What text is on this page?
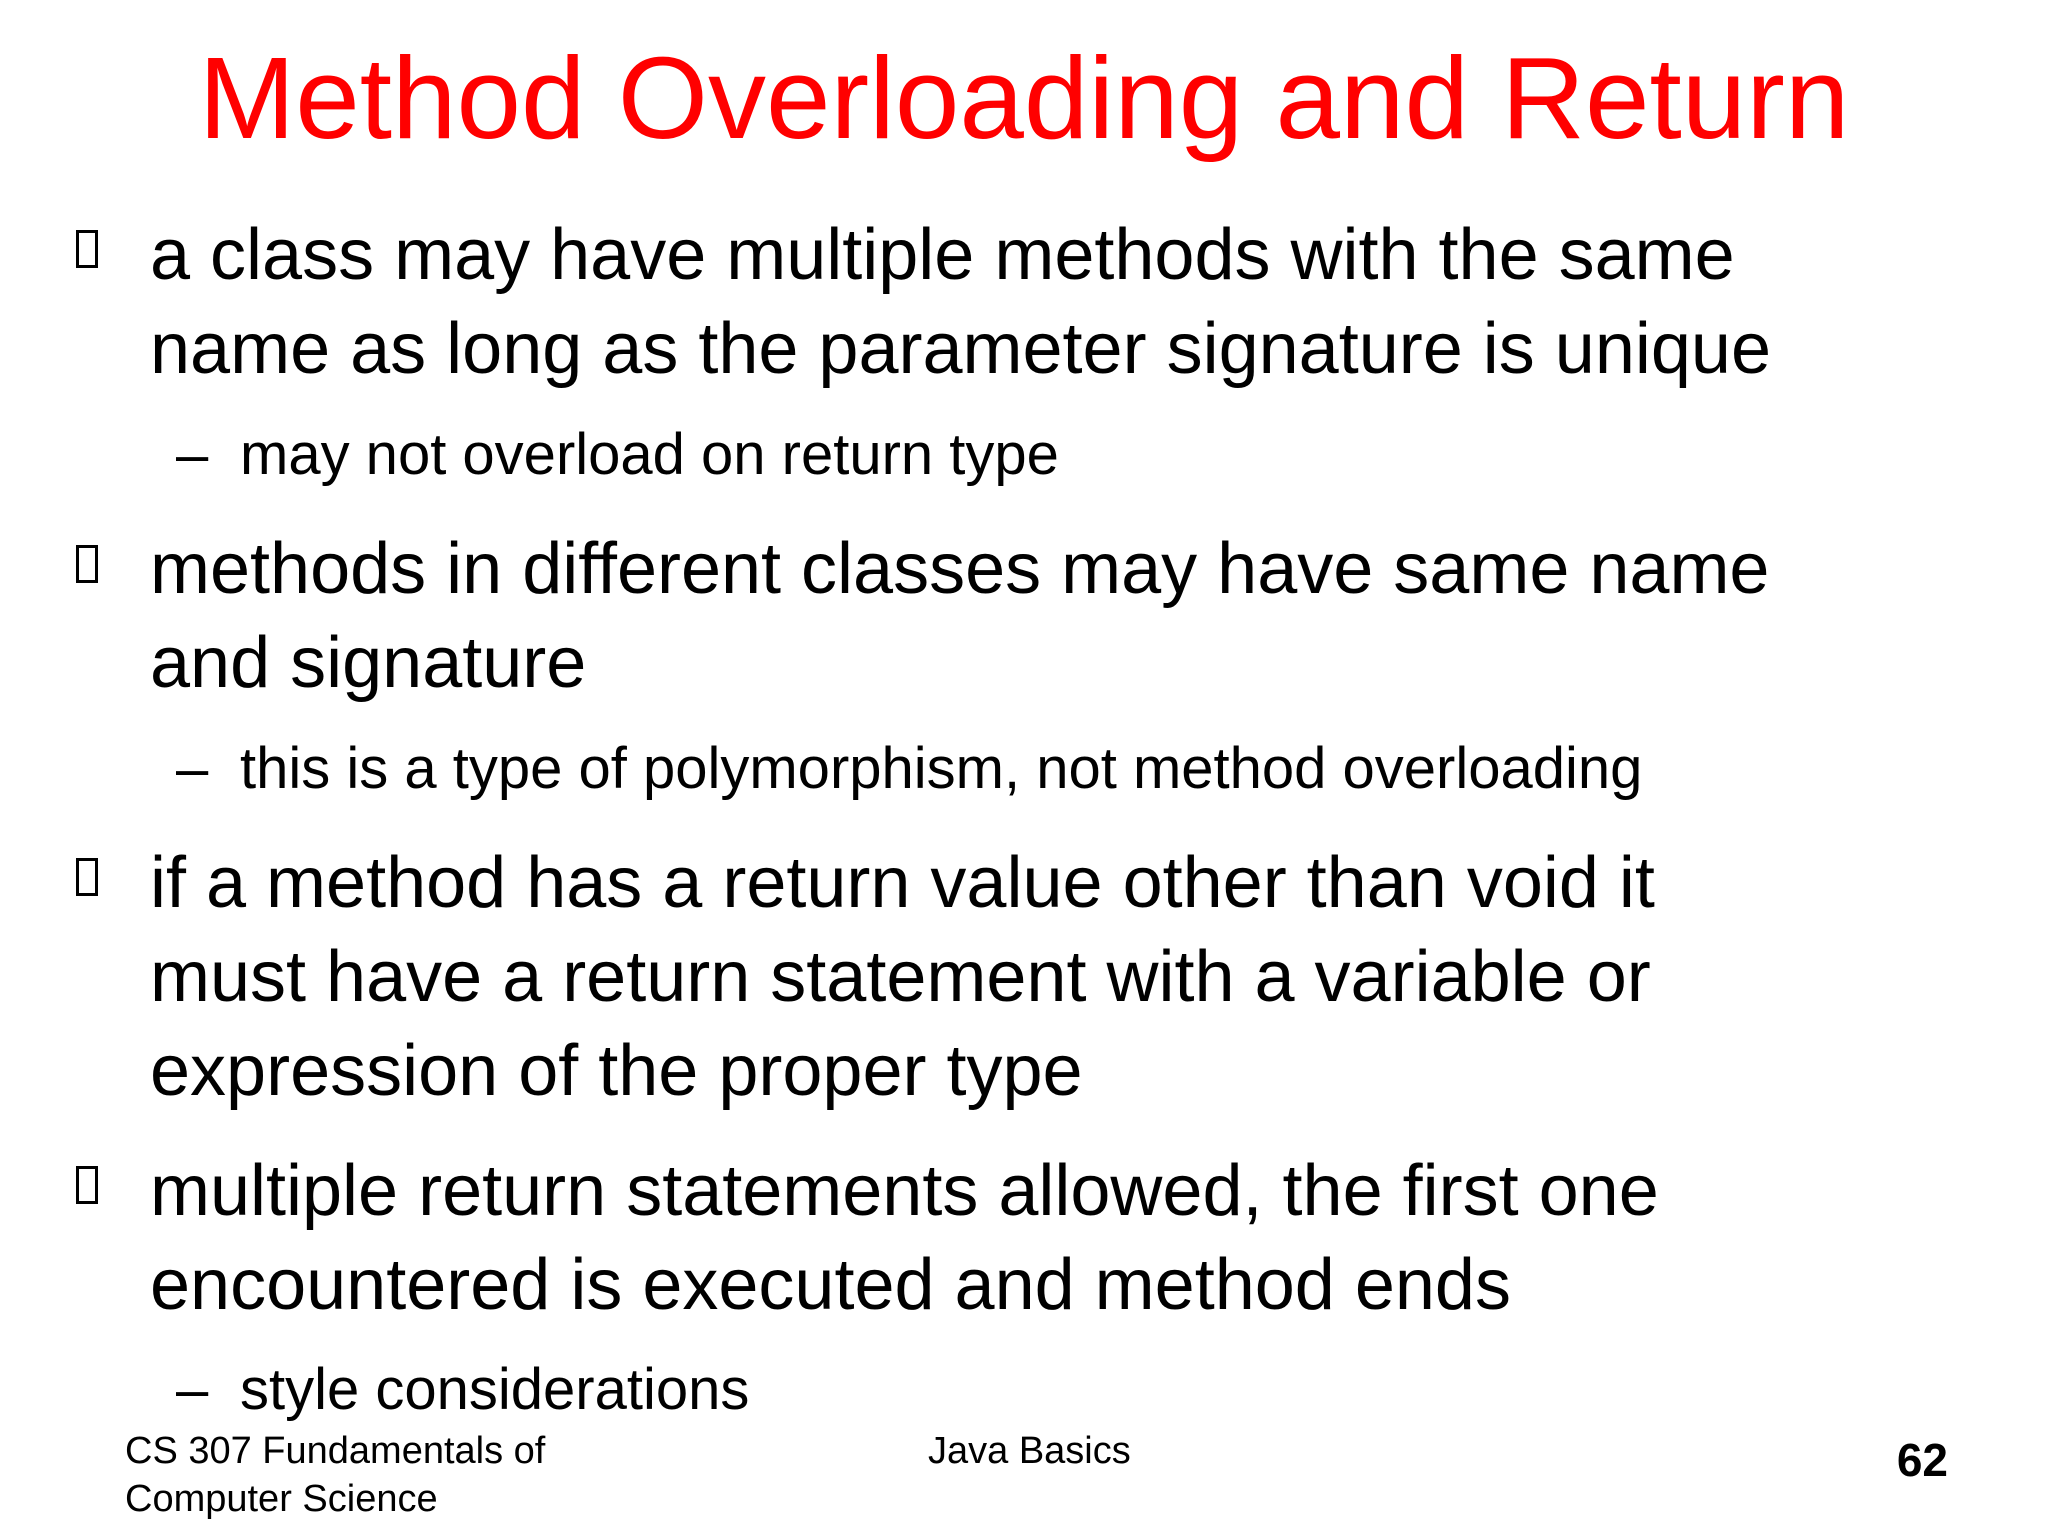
Method Overloading and Return
a class may have multiple methods with the same
name as long as the parameter signature is unique
– may not overload on return type
methods in different classes may have same name
and signature
– this is a type of polymorphism, not method overloading
if a method has a return value other than void it
must have a return statement with a variable or
expression of the proper type
multiple return statements allowed, the first one
encountered is executed and method ends
– style considerations
CS 307 Fundamentals of
Computer Science
Java Basics	62
